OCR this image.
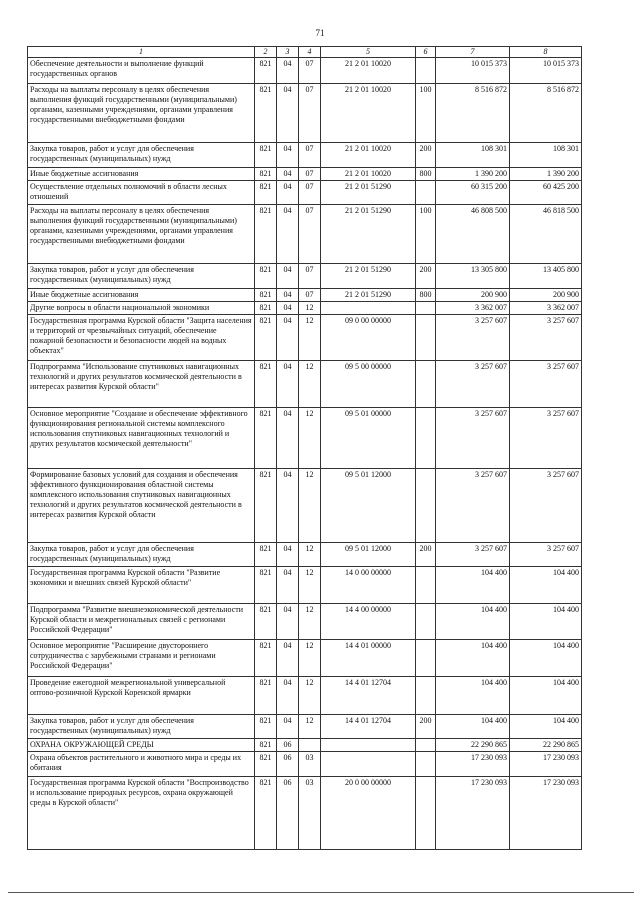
71
1	2	3	4	5	6	7	8
Обеспечение деятельности и выполнение функций государственных органов	821	04	07	21 2 01 10020		10 015 373	10 015 373
Расходы на выплаты персоналу в целях обеспечения выполнения функций государственными (муниципальными) органами, казенными учреждениями, органами управления государственными внебюджетными фондами	821	04	07	21 2 01 10020	100	8 516 872	8 516 872
Закупка товаров, работ и услуг для обеспечения государственных (муниципальных) нужд	821	04	07	21 2 01 10020	200	108 301	108 301
Иные бюджетные ассигнования	821	04	07	21 2 01 10020	800	1 390 200	1 390 200
Осуществление отдельных полномочий в области лесных отношений	821	04	07	21 2 01 51290		60 315 200	60 425 200
Расходы на выплаты персоналу в целях обеспечения выполнения функций государственными (муниципальными) органами, казенными учреждениями, органами управления государственными внебюджетными фондами	821	04	07	21 2 01 51290	100	46 808 500	46 818 500
Закупка товаров, работ и услуг для обеспечения государственных (муниципальных) нужд	821	04	07	21 2 01 51290	200	13 305 800	13 405 800
Иные бюджетные ассигнования	821	04	07	21 2 01 51290	800	200 900	200 900
Другие вопросы в области национальной экономики	821	04	12			3 362 007	3 362 007
Государственная программа Курской области "Защита населения и территорий от чрезвычайных ситуаций, обеспечение пожарной безопасности и безопасности людей на водных объектах"	821	04	12	09 0 00 00000		3 257 607	3 257 607
Подпрограмма "Использование спутниковых навигационных технологий и других результатов космической деятельности в интересах развития Курской области"	821	04	12	09 5 00 00000		3 257 607	3 257 607
Основное мероприятие "Создание и обеспечение эффективного функционирования региональной системы комплексного использования спутниковых навигационных технологий и других результатов космической деятельности"	821	04	12	09 5 01 00000		3 257 607	3 257 607
Формирование базовых условий для создания и обеспечения эффективного функционирования областной системы комплексного использования спутниковых навигационных технологий и других результатов космической деятельности в интересах развития Курской области	821	04	12	09 5 01 12000		3 257 607	3 257 607
Закупка товаров, работ и услуг для обеспечения государственных (муниципальных) нужд	821	04	12	09 5 01 12000	200	3 257 607	3 257 607
Государственная программа Курской области "Развитие экономики и внешних связей Курской области"	821	04	12	14 0 00 00000		104 400	104 400
Подпрограмма "Развитие внешнеэкономической деятельности Курской области и межрегиональных связей с регионами Российской Федерации"	821	04	12	14 4 00 00000		104 400	104 400
Основное мероприятие "Расширение двустороннего сотрудничества с зарубежными странами и регионами Российской Федерации"	821	04	12	14 4 01 00000		104 400	104 400
Проведение ежегодной межрегиональной универсальной оптово-розничной Курской Коренской ярмарки	821	04	12	14 4 01 12704		104 400	104 400
Закупка товаров, работ и услуг для обеспечения государственных (муниципальных) нужд	821	04	12	14 4 01 12704	200	104 400	104 400
ОХРАНА ОКРУЖАЮЩЕЙ СРЕДЫ	821	06				22 290 865	22 290 865
Охрана объектов растительного и животного мира и среды их обитания	821	06	03			17 230 093	17 230 093
Государственная программа Курской области "Воспроизводство и использование природных ресурсов, охрана окружающей среды в Курской области"	821	06	03	20 0 00 00000		17 230 093	17 230 093
